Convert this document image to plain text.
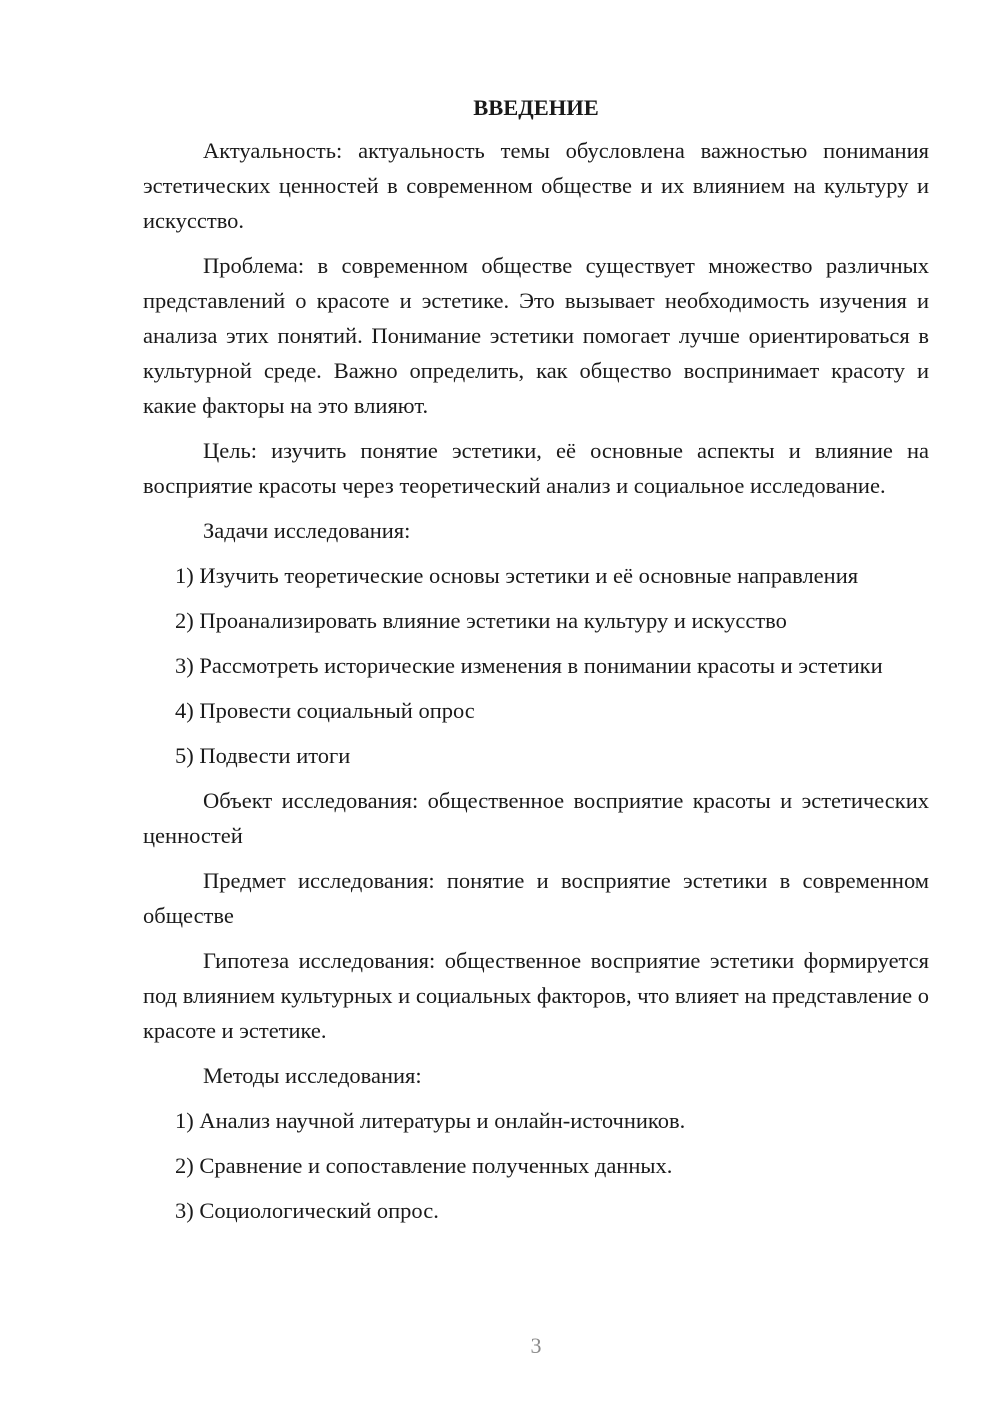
ВВЕДЕНИЕ

Актуальность: актуальность темы обусловлена важностью понимания эстетических ценностей в современном обществе и их влиянием на культуру и искусство.

Проблема: в современном обществе существует множество различных представлений о красоте и эстетике. Это вызывает необходимость изучения и анализа этих понятий. Понимание эстетики помогает лучше ориентироваться в культурной среде. Важно определить, как общество воспринимает красоту и какие факторы на это влияют.

Цель: изучить понятие эстетики, её основные аспекты и влияние на восприятие красоты через теоретический анализ и социальное исследование.

Задачи исследования:

1) Изучить теоретические основы эстетики и её основные направления

2) Проанализировать влияние эстетики на культуру и искусство

3) Рассмотреть исторические изменения в понимании красоты и эстетики

4) Провести социальный опрос

5) Подвести итоги

Объект исследования: общественное восприятие красоты и эстетических ценностей

Предмет исследования: понятие и восприятие эстетики в современном обществе

Гипотеза исследования: общественное восприятие эстетики формируется под влиянием культурных и социальных факторов, что влияет на представление о красоте и эстетике.

Методы исследования:

1) Анализ научной литературы и онлайн-источников.

2) Сравнение и сопоставление полученных данных.

3) Социологический опрос.

3
